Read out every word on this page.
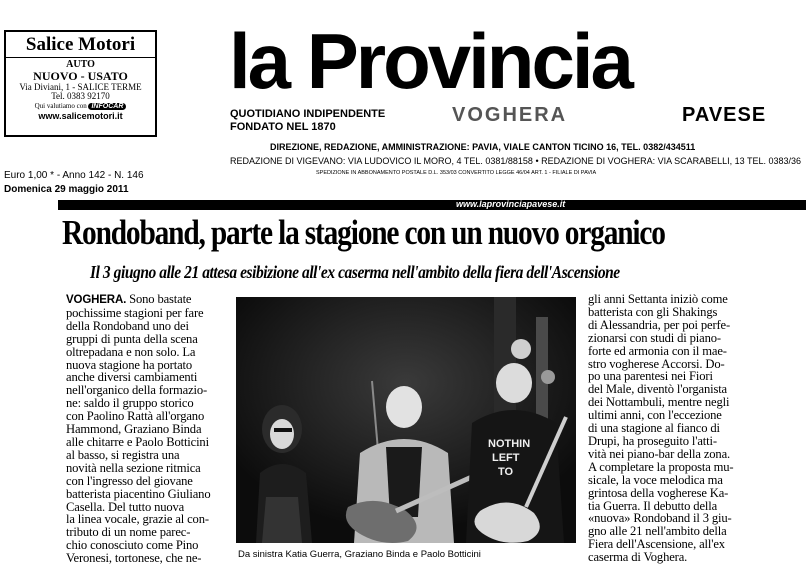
Salice Motori
AUTO
NUOVO - USATO
Via Diviani, 1 - SALICE TERME
Tel. 0383 92170
Qui valutiamo con INFOCAR
www.salicemotori.it
la Provincia
QUOTIDIANO INDIPENDENTE
FONDATO NEL 1870
VOGHERA	PAVESE
DIREZIONE, REDAZIONE, AMMINISTRAZIONE: PAVIA, VIALE CANTON TICINO 16, TEL. 0382/434511
REDAZIONE DI VIGEVANO: VIA LUDOVICO IL MORO, 4 TEL. 0381/88158 • REDAZIONE DI VOGHERA: VIA SCARABELLI, 13 TEL. 0383/36
SPEDIZIONE IN ABBONAMENTO POSTALE D.L. 353/03 CONVERTITO LEGGE 46/04 ART. 1 - FILIALE DI PAVIA
Euro 1,00 * - Anno 142 - N. 146
Domenica 29 maggio 2011
www.laprovinciapavese.it
Rondoband, parte la stagione con un nuovo organico
Il 3 giugno alle 21 attesa esibizione all'ex caserma nell'ambito della fiera dell'Ascensione
VOGHERA. Sono bastate
pochissime stagioni per fare
della Rondoband uno dei
gruppi di punta della scena
oltrepadana e non solo. La
nuova stagione ha portato
anche diversi cambiamenti
nell'organico della formazio-
ne: saldo il gruppo storico
con Paolino Rattà all'organo
Hammond, Graziano Binda
alle chitarre e Paolo Botticini
al basso, si registra una
novità nella sezione ritmica
con l'ingresso del giovane
batterista piacentino Giuliano
Casella. Del tutto nuova
la linea vocale, grazie al con-
tributo di un nome parec-
chio conosciuto come Pino
Veronesi, tortonese, che ne-
NOTHIN
LEFT
TO
Da sinistra Katia Guerra, Graziano Binda e Paolo Botticini
gli anni Settanta iniziò come
batterista con gli Shakings
di Alessandria, per poi perfe-
zionarsi con studi di piano-
forte ed armonia con il mae-
stro vogherese Accorsi. Do-
po una parentesi nei Fiori
del Male, diventò l'organista
dei Nottambuli, mentre negli
ultimi anni, con l'eccezione
di una stagione al fianco di
Drupi, ha proseguito l'atti-
vità nei piano-bar della zona.
A completare la proposta mu-
sicale, la voce melodica ma
grintosa della vogherese Ka-
tia Guerra. Il debutto della
«nuova» Rondoband il 3 giu-
gno alle 21 nell'ambito della
Fiera dell'Ascensione, all'ex
caserma di Voghera.
